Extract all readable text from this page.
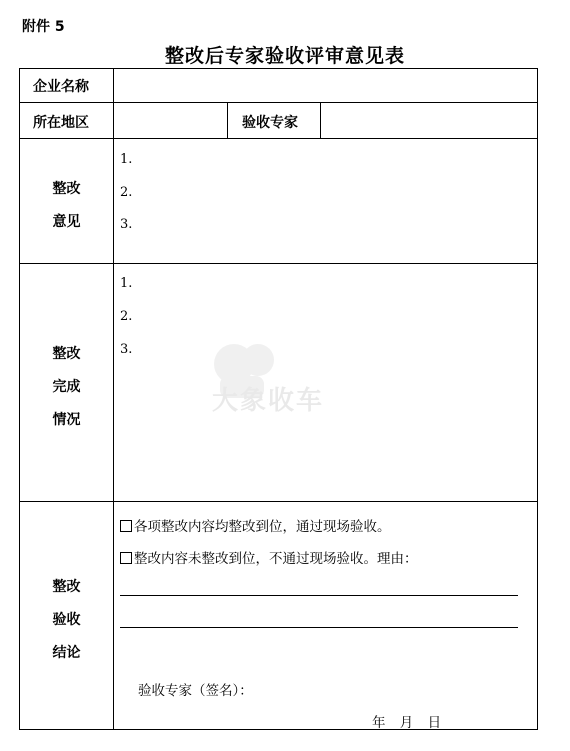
附件 5
整改后专家验收评审意见表
企业名称
所在地区	验收专家
整改
意见
1.
2.
3.
整改
完成
情况
1.
2.
3.
整改
验收
结论
各项整改内容均整改到位，通过现场验收。
整改内容未整改到位，不通过现场验收。理由：
验收专家（签名）：
年 月 日
大象收车
